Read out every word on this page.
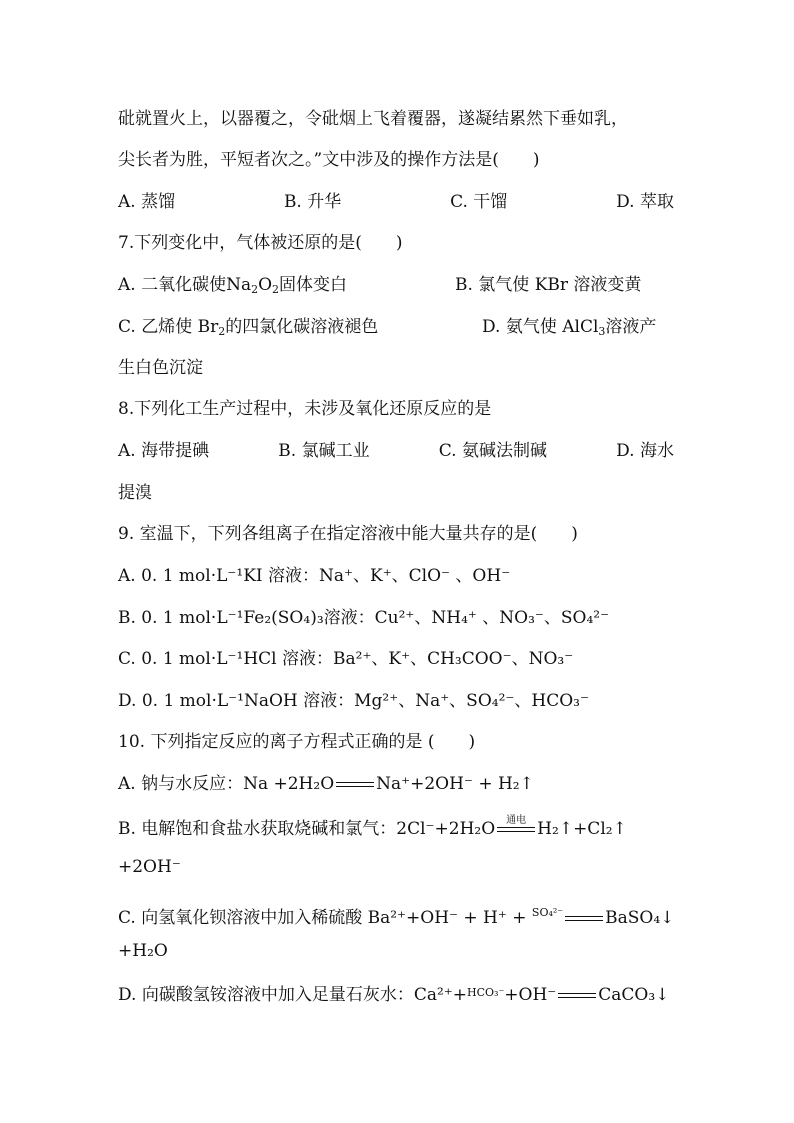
砒就置火上，以器覆之，令砒烟上飞着覆器，遂凝结累然下垂如乳，
尖长者为胜，平短者次之。”文中涉及的操作方法是(　　)
A. 蒸馏	B. 升华	C. 干馏	D. 萃取
7.下列变化中，气体被还原的是(　　)
A. 二氧化碳使$Na_2O_2$固体变白	B. 氯气使 KBr 溶液变黄
C. 乙烯使 $Br_2$的四氯化碳溶液褪色	D. 氨气使 AlCl$_3$溶液产
生白色沉淀
8.下列化工生产过程中，未涉及氧化还原反应的是
A. 海带提碘	B. 氯碱工业	C. 氨碱法制碱	D. 海水
提溴
9. 室温下，下列各组离子在指定溶液中能大量共存的是(　　)
A. 0. 1 mol·L⁻¹KI 溶液：Na⁺、K⁺、ClO⁻ 、OH⁻
B. 0. 1 mol·L⁻¹Fe₂(SO₄)₃溶液：Cu²⁺、NH₄⁺ 、NO₃⁻、SO₄²⁻
C. 0. 1 mol·L⁻¹HCl 溶液：Ba²⁺、K⁺、CH₃COO⁻、NO₃⁻
D. 0. 1 mol·L⁻¹NaOH 溶液：Mg²⁺、Na⁺、SO₄²⁻、HCO₃⁻
10. 下列指定反应的离子方程式正确的是 (　　)
A. 钠与水反应：Na +2H₂O Na⁺+2OH⁻ + H₂ ↑
B. 电解饱和食盐水获取烧碱和氯气：2Cl⁻+2H₂O	通电 H₂ ↑ +Cl₂ ↑
+2OH⁻
C. 向氢氧化钡溶液中加入稀硫酸 Ba²⁺+OH⁻ + H⁺ + $^{SO_4^{2-}}$ BaSO₄ ↓
+H₂O
D. 向碳酸氢铵溶液中加入足量石灰水：Ca²⁺+$^{HCO_3^-}$+OH⁻ CaCO₃ ↓
